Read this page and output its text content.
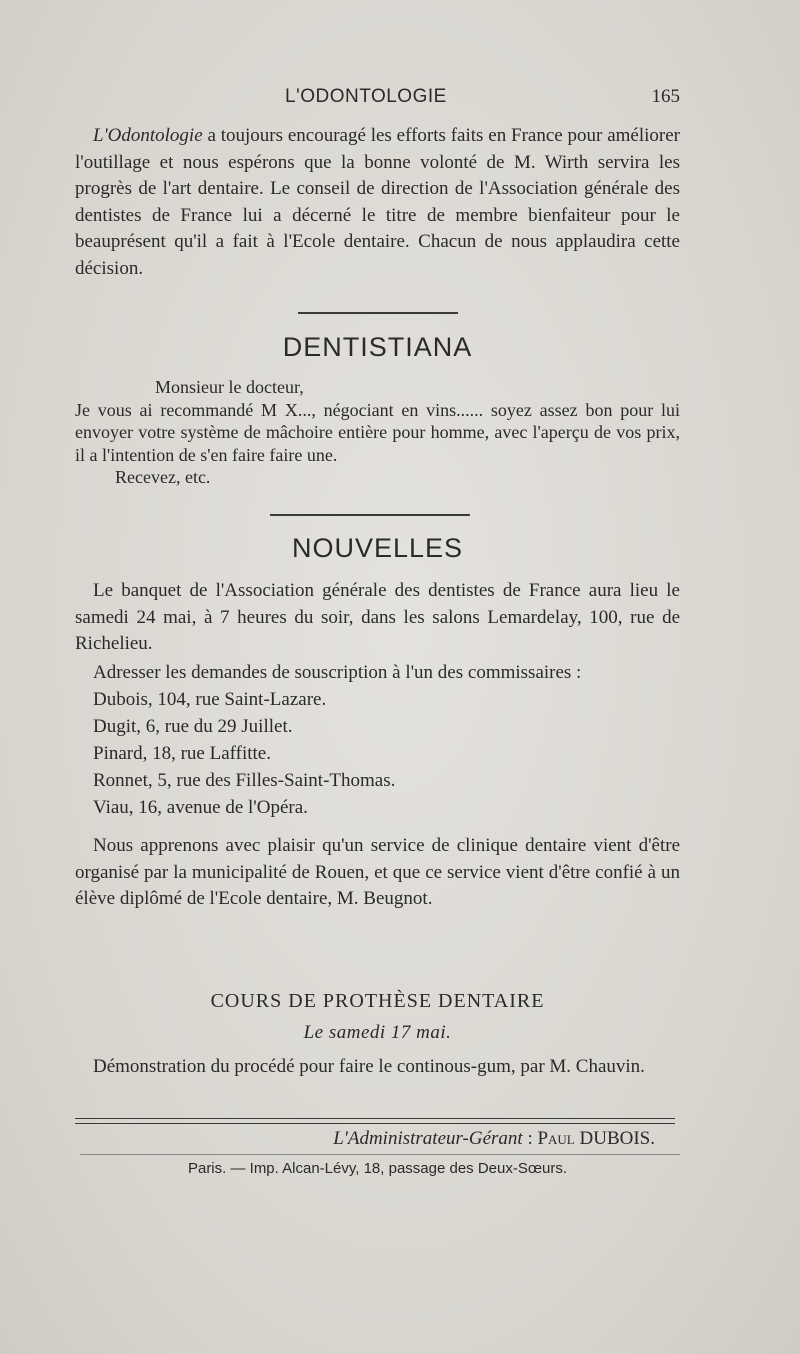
L'ODONTOLOGIE	165
L'Odontologie a toujours encouragé les efforts faits en France pour améliorer l'outillage et nous espérons que la bonne volonté de M. Wirth servira les progrès de l'art dentaire. Le conseil de direction de l'Association générale des dentistes de France lui a décerné le titre de membre bienfaiteur pour le beauprésent qu'il a fait à l'Ecole dentaire. Chacun de nous applaudira cette décision.
DENTISTIANA
Monsieur le docteur,
Je vous ai recommandé M X..., négociant en vins...... soyez assez bon pour lui envoyer votre système de mâchoire entière pour homme, avec l'aperçu de vos prix, il a l'intention de s'en faire faire une.
Recevez, etc.
NOUVELLES
Le banquet de l'Association générale des dentistes de France aura lieu le samedi 24 mai, à 7 heures du soir, dans les salons Lemardelay, 100, rue de Richelieu.
Adresser les demandes de souscription à l'un des commissaires :
Dubois, 104, rue Saint-Lazare.
Dugit, 6, rue du 29 Juillet.
Pinard, 18, rue Laffitte.
Ronnet, 5, rue des Filles-Saint-Thomas.
Viau, 16, avenue de l'Opéra.
Nous apprenons avec plaisir qu'un service de clinique dentaire vient d'être organisé par la municipalité de Rouen, et que ce service vient d'être confié à un élève diplômé de l'Ecole dentaire, M. Beugnot.
COURS DE PROTHÈSE DENTAIRE
Le samedi 17 mai.
Démonstration du procédé pour faire le continous-gum, par M. Chauvin.
L'Administrateur-Gérant : Paul DUBOIS.
Paris. — Imp. Alcan-Lévy, 18, passage des Deux-Sœurs.
